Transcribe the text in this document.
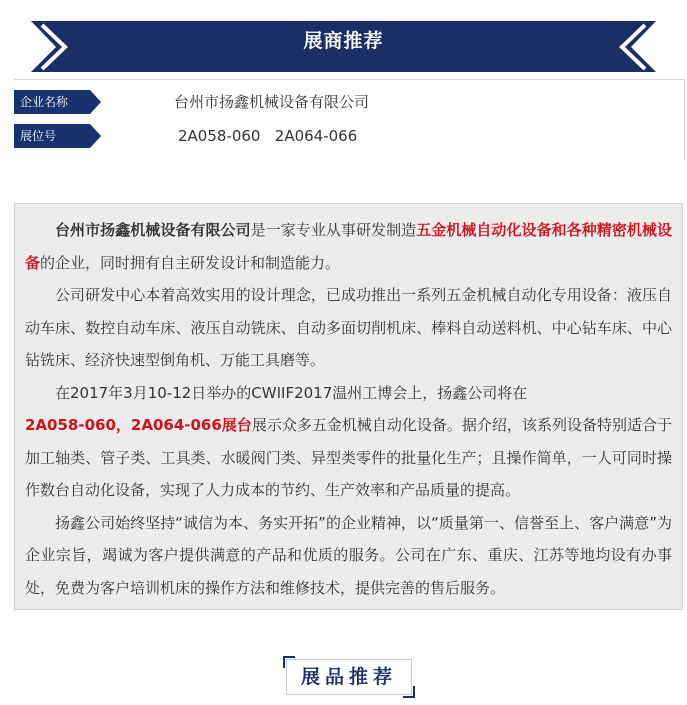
展商推荐
企业名称	台州市扬鑫机械设备有限公司
展位号	2A058-060   2A064-066

台州市扬鑫机械设备有限公司是一家专业从事研发制造五金机械自动化设备和各种精密机械设备的企业，同时拥有自主研发设计和制造能力。

公司研发中心本着高效实用的设计理念，已成功推出一系列五金机械自动化专用设备：液压自动车床、数控自动车床、液压自动铣床、自动多面切削机床、棒料自动送料机、中心钻车床、中心钻铣床、经济快速型倒角机、万能工具磨等。

在2017年3月10-12日举办的CWIIF2017温州工博会上，扬鑫公司将在

2A058-060，2A064-066展台展示众多五金机械自动化设备。据介绍，该系列设备特别适合于加工轴类、管子类、工具类、水暖阀门类、异型类零件的批量化生产；且操作简单，一人可同时操作数台自动化设备，实现了人力成本的节约、生产效率和产品质量的提高。

扬鑫公司始终坚持“诚信为本、务实开拓”的企业精神，以“质量第一、信誉至上、客户满意”为企业宗旨，竭诚为客户提供满意的产品和优质的服务。公司在广东、重庆、江苏等地均设有办事处，免费为客户培训机床的操作方法和维修技术，提供完善的售后服务。

展品推荐
